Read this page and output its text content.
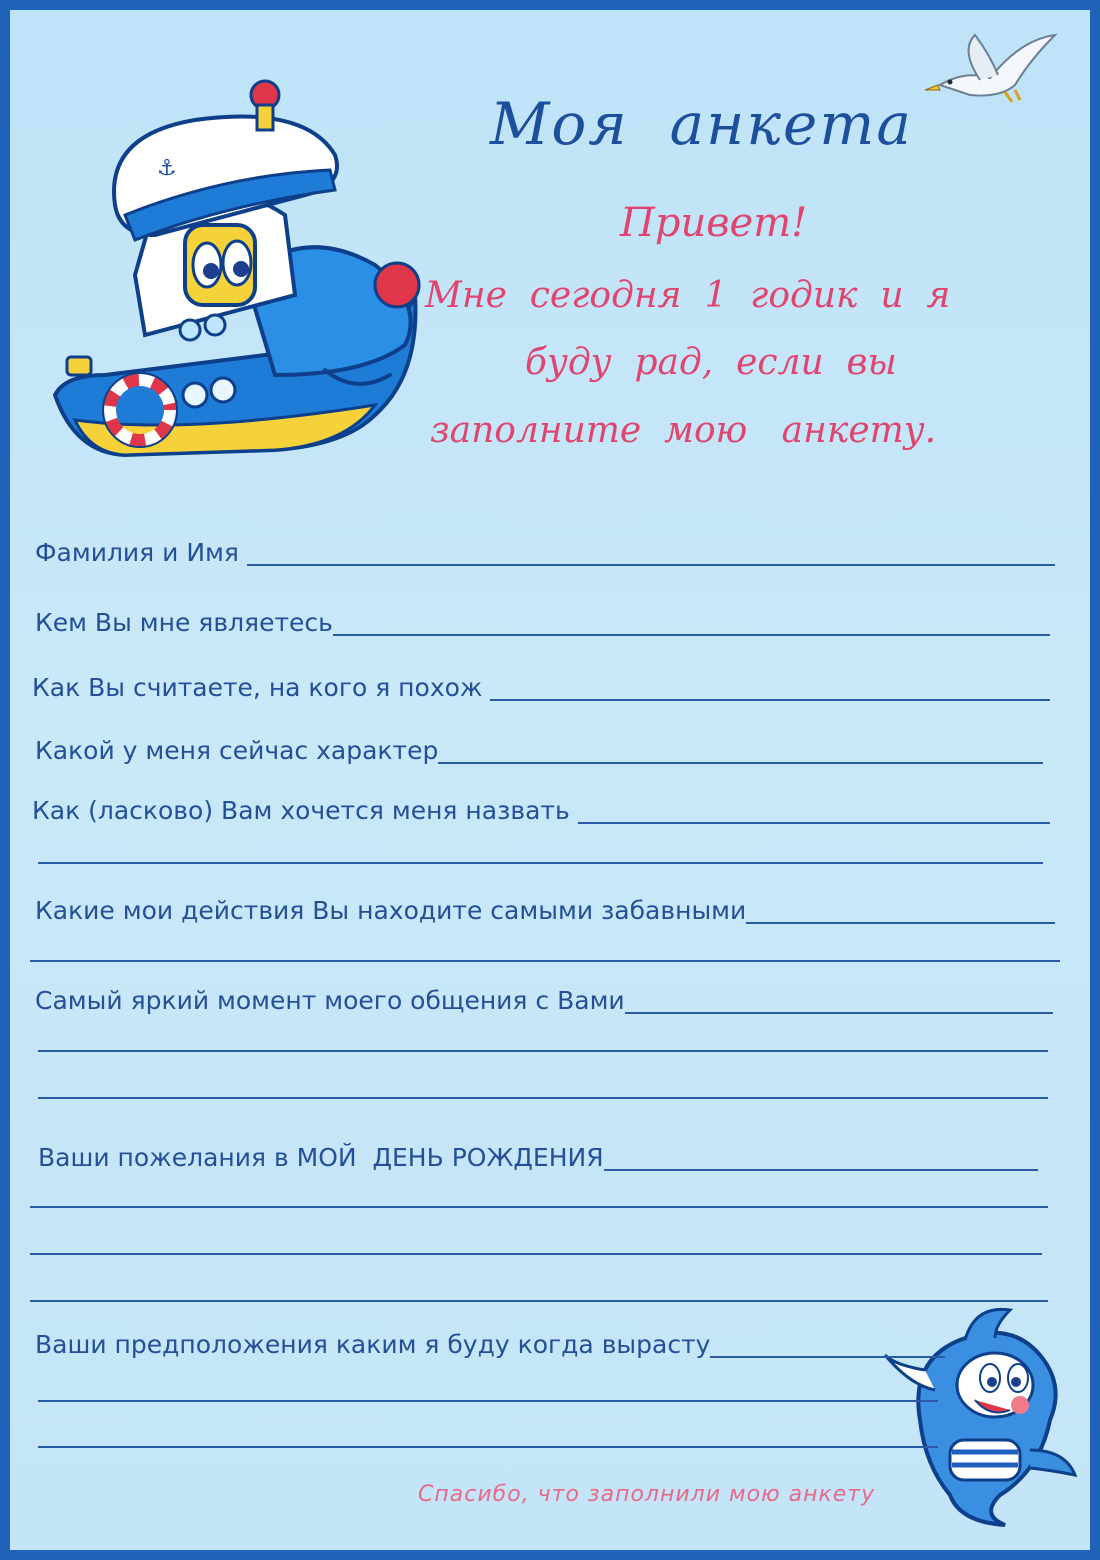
⚓
Моя  анкета
Привет!
Мне  сегодня  1  годик  и  я
буду  рад,  если  вы
заполните  мою   анкету.
Фамилия и Имя
Кем Вы мне являетесь
Как Вы считаете, на кого я похож
Какой у меня сейчас характер
Как (ласково) Вам хочется меня назвать
Какие мои действия Вы находите самыми забавными
Самый яркий момент моего общения с Вами
Ваши пожелания в МОЙ  ДЕНЬ РОЖДЕНИЯ
Ваши предположения каким я буду когда вырасту
Спасибо, что заполнили мою анкету
